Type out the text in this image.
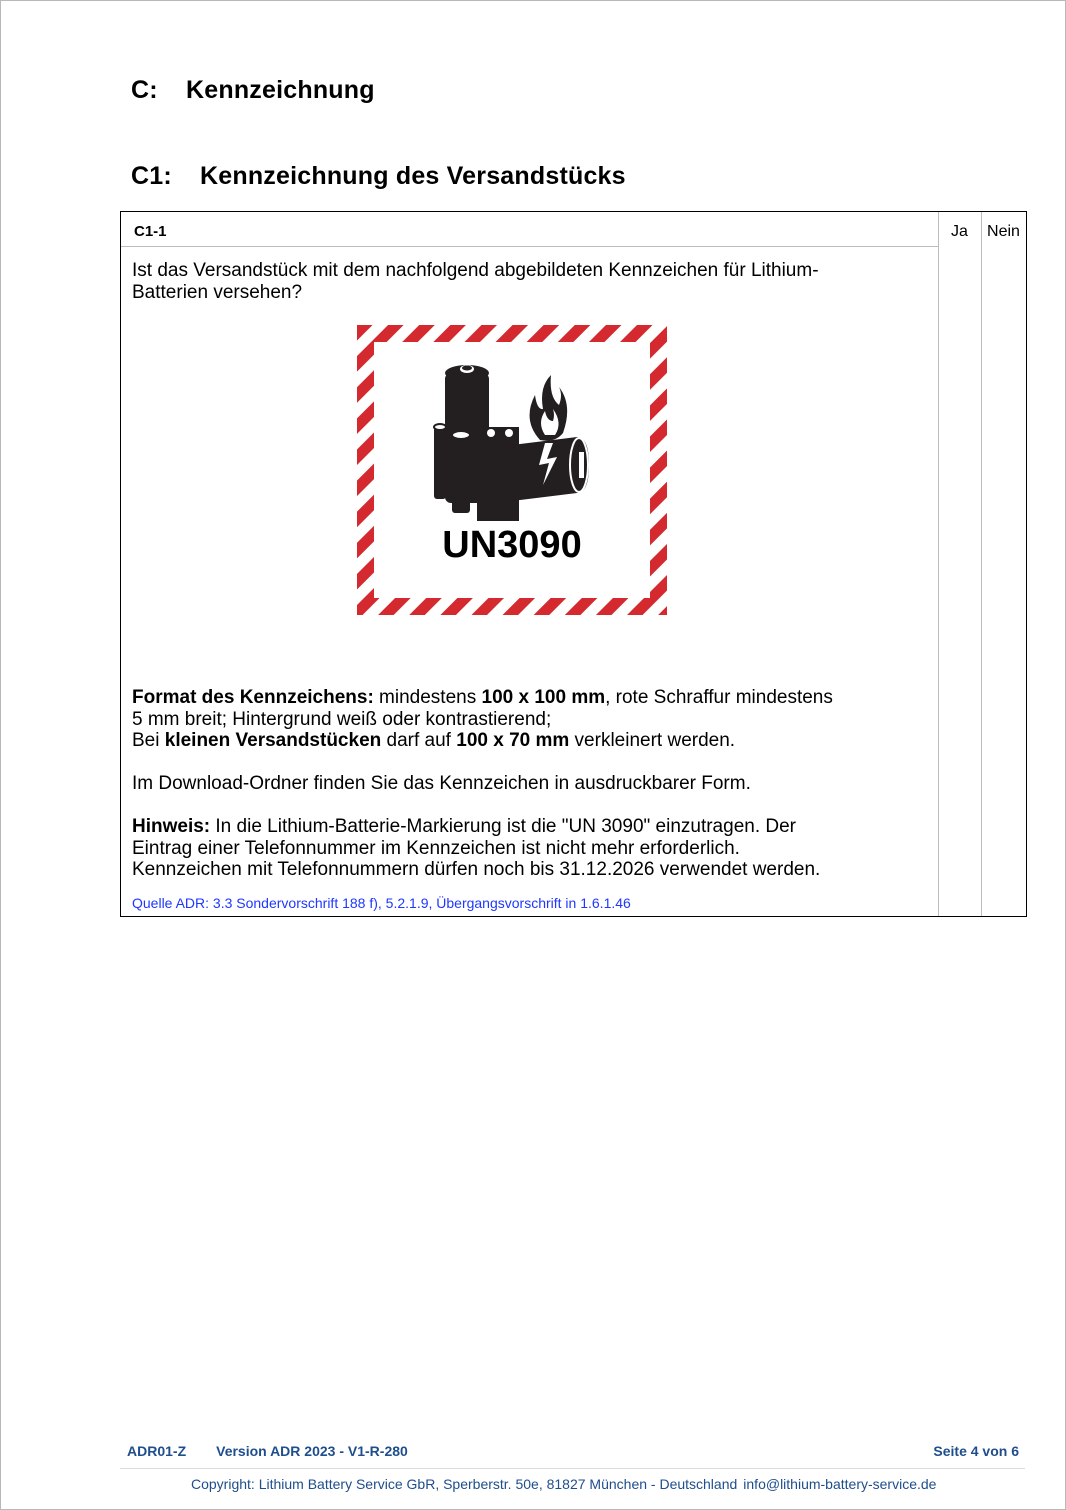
C: Kennzeichnung
C1: Kennzeichnung des Versandstücks
C1-1	Ja	Nein
Ist das Versandstück mit dem nachfolgend abgebildeten Kennzeichen für Lithium-
Batterien versehen?
UN3090
Format des Kennzeichens: mindestens 100 x 100 mm, rote Schraffur mindestens
5 mm breit; Hintergrund weiß oder kontrastierend;
Bei kleinen Versandstücken darf auf 100 x 70 mm verkleinert werden.
Im Download-Ordner finden Sie das Kennzeichen in ausdruckbarer Form.
Hinweis: In die Lithium-Batterie-Markierung ist die "UN 3090" einzutragen. Der
Eintrag einer Telefonnummer im Kennzeichen ist nicht mehr erforderlich.
Kennzeichen mit Telefonnummern dürfen noch bis 31.12.2026 verwendet werden.
Quelle ADR: 3.3 Sondervorschrift 188 f), 5.2.1.9, Übergangsvorschrift in 1.6.1.46
ADR01-Z Version ADR 2023 - V1-R-280	Seite 4 von 6
Copyright: Lithium Battery Service GbR, Sperberstr. 50e, 81827 München - Deutschland info@lithium-battery-service.de
